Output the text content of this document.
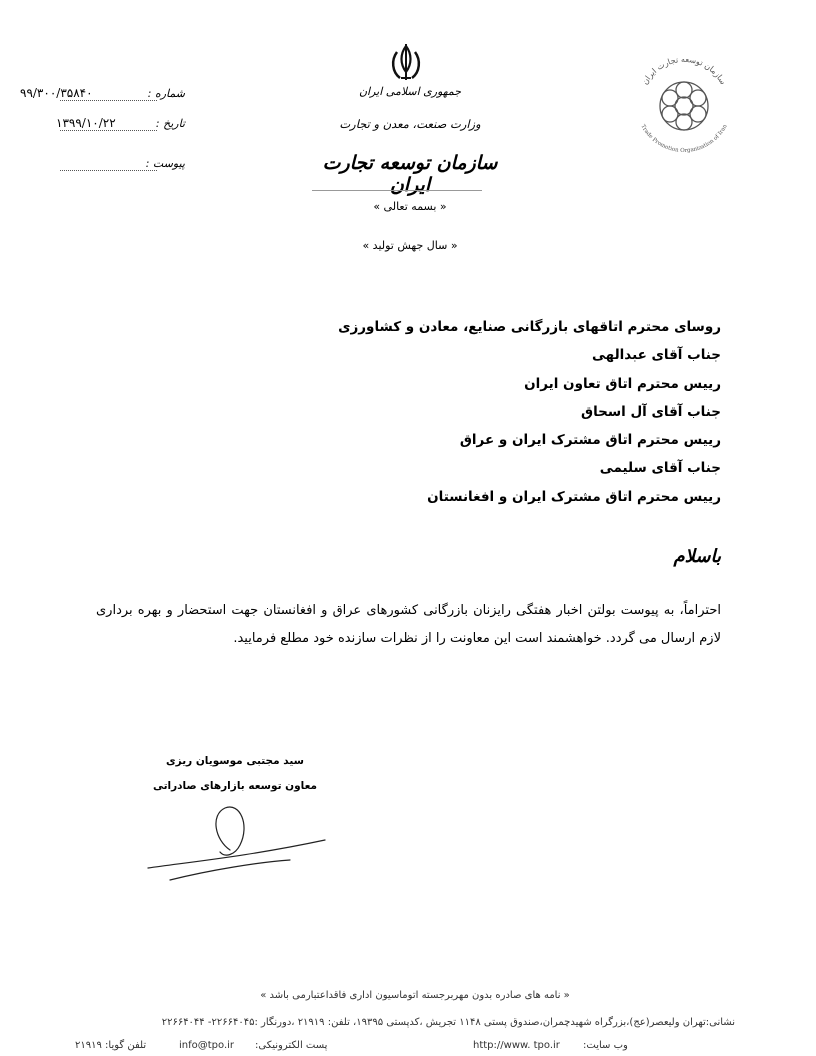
۹۹/۳۰۰/۳۵۸۴۰	شماره :
۱۳۹۹/۱۰/۲۲	تاریخ :
پیوست :
جمهوری اسلامی ایران
وزارت صنعت، معدن و تجارت
سازمان توسعه تجارت ایران
« بسمه تعالی »
« سال جهش تولید »
سازمان توسعه تجارت ایران
Trade Promotion Organization of Iran
روسای محترم اتاقهای بازرگانی صنایع، معادن و کشاورزی
جناب آقای عبدالهی
رییس محترم اتاق تعاون ایران
جناب آقای آل اسحاق
رییس محترم اتاق مشترک ایران و عراق
جناب آقای سلیمی
رییس محترم اتاق مشترک ایران و افغانستان
باسلام
احتراماً، به پیوست بولتن اخبار هفتگی رایزنان بازرگانی کشورهای عراق و افغانستان جهت استحضار و بهره برداری لازم ارسال می گردد. خواهشمند است این معاونت را از نظرات سازنده خود مطلع فرمایید.
سید مجتبی موسویان ریزی
معاون توسعه بازارهای صادراتی
« نامه های صادره بدون مهربرجسته اتوماسیون اداری فاقداعتبارمی باشد »
نشانی:تهران ولیعصر(عج)،بزرگراه شهیدچمران،صندوق پستی ۱۱۴۸ تجریش ،کدپستی ۱۹۳۹۵، تلفن: ۲۱۹۱۹ ،دورنگار :۲۲۶۶۴۰۴۵- ۲۲۶۶۴۰۴۴
تلفن گویا: ۲۱۹۱۹	پست الکترونیکی:
info@tpo.ir	http://www. tpo.ir وب سایت:
